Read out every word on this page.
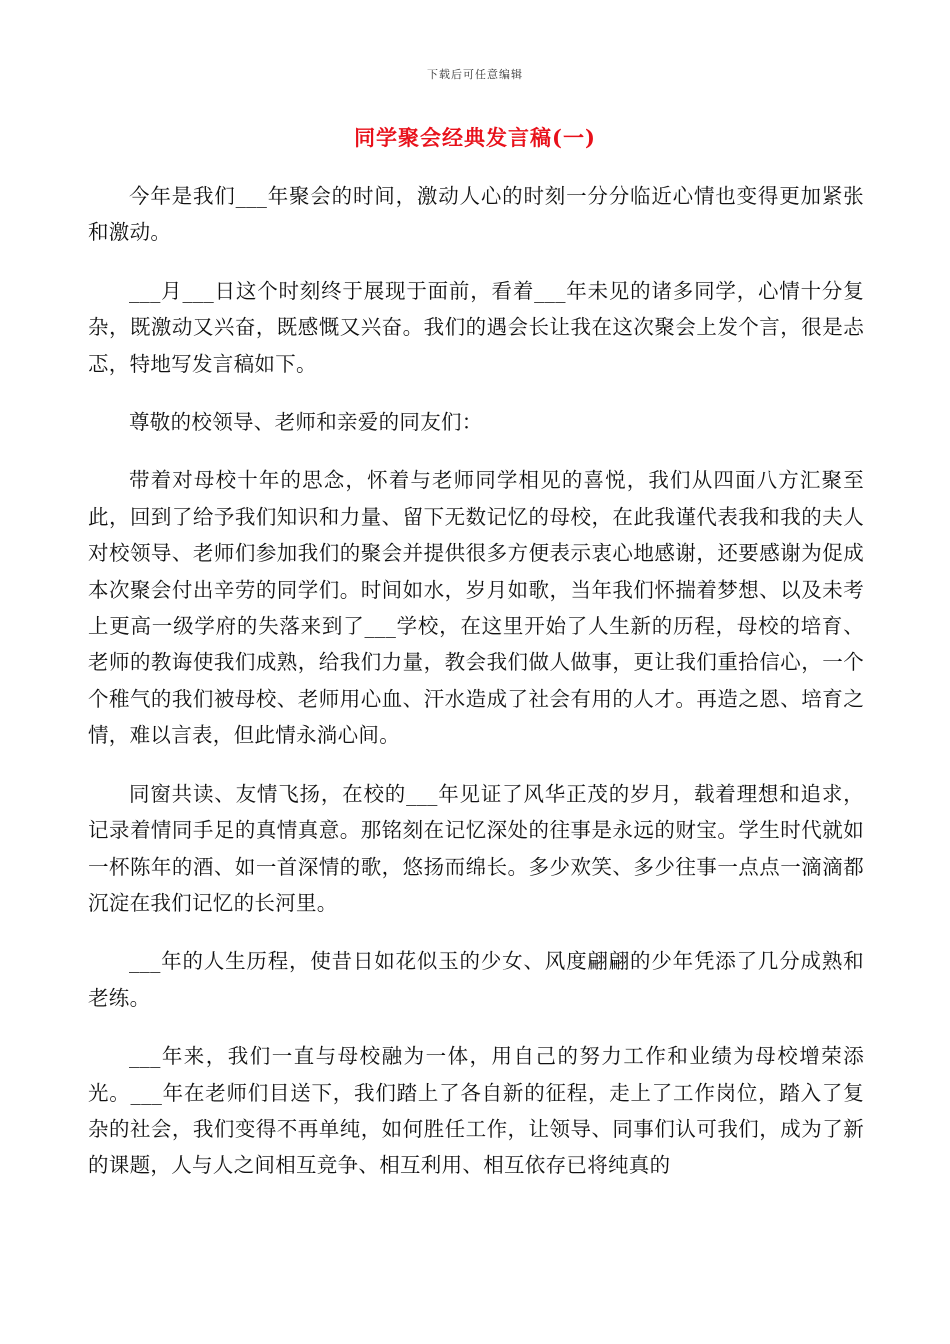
下载后可任意编辑
同学聚会经典发言稿(一)

今年是我们___年聚会的时间，激动人心的时刻一分分临近心情也变得更加紧张和激动。

___月___日这个时刻终于展现于面前，看着___年未见的诸多同学，心情十分复杂，既激动又兴奋，既感慨又兴奋。我们的遇会长让我在这次聚会上发个言，很是忐忑，特地写发言稿如下。

尊敬的校领导、老师和亲爱的同友们：

带着对母校十年的思念，怀着与老师同学相见的喜悦，我们从四面八方汇聚至此，回到了给予我们知识和力量、留下无数记忆的母校，在此我谨代表我和我的夫人对校领导、老师们参加我们的聚会并提供很多方便表示衷心地感谢，还要感谢为促成本次聚会付出辛劳的同学们。时间如水，岁月如歌，当年我们怀揣着梦想、以及未考上更高一级学府的失落来到了___学校，在这里开始了人生新的历程，母校的培育、老师的教诲使我们成熟，给我们力量，教会我们做人做事，更让我们重拾信心，一个个稚气的我们被母校、老师用心血、汗水造成了社会有用的人才。再造之恩、培育之情，难以言表，但此情永淌心间。

同窗共读、友情飞扬，在校的___年见证了风华正茂的岁月，载着理想和追求，记录着情同手足的真情真意。那铭刻在记忆深处的往事是永远的财宝。学生时代就如一杯陈年的酒、如一首深情的歌，悠扬而绵长。多少欢笑、多少往事一点点一滴滴都沉淀在我们记忆的长河里。

___年的人生历程，使昔日如花似玉的少女、风度翩翩的少年凭添了几分成熟和老练。

___年来，我们一直与母校融为一体，用自己的努力工作和业绩为母校增荣添光。___年在老师们目送下，我们踏上了各自新的征程，走上了工作岗位，踏入了复杂的社会，我们变得不再单纯，如何胜任工作，让领导、同事们认可我们，成为了新的课题，人与人之间相互竞争、相互利用、相互依存已将纯真的
